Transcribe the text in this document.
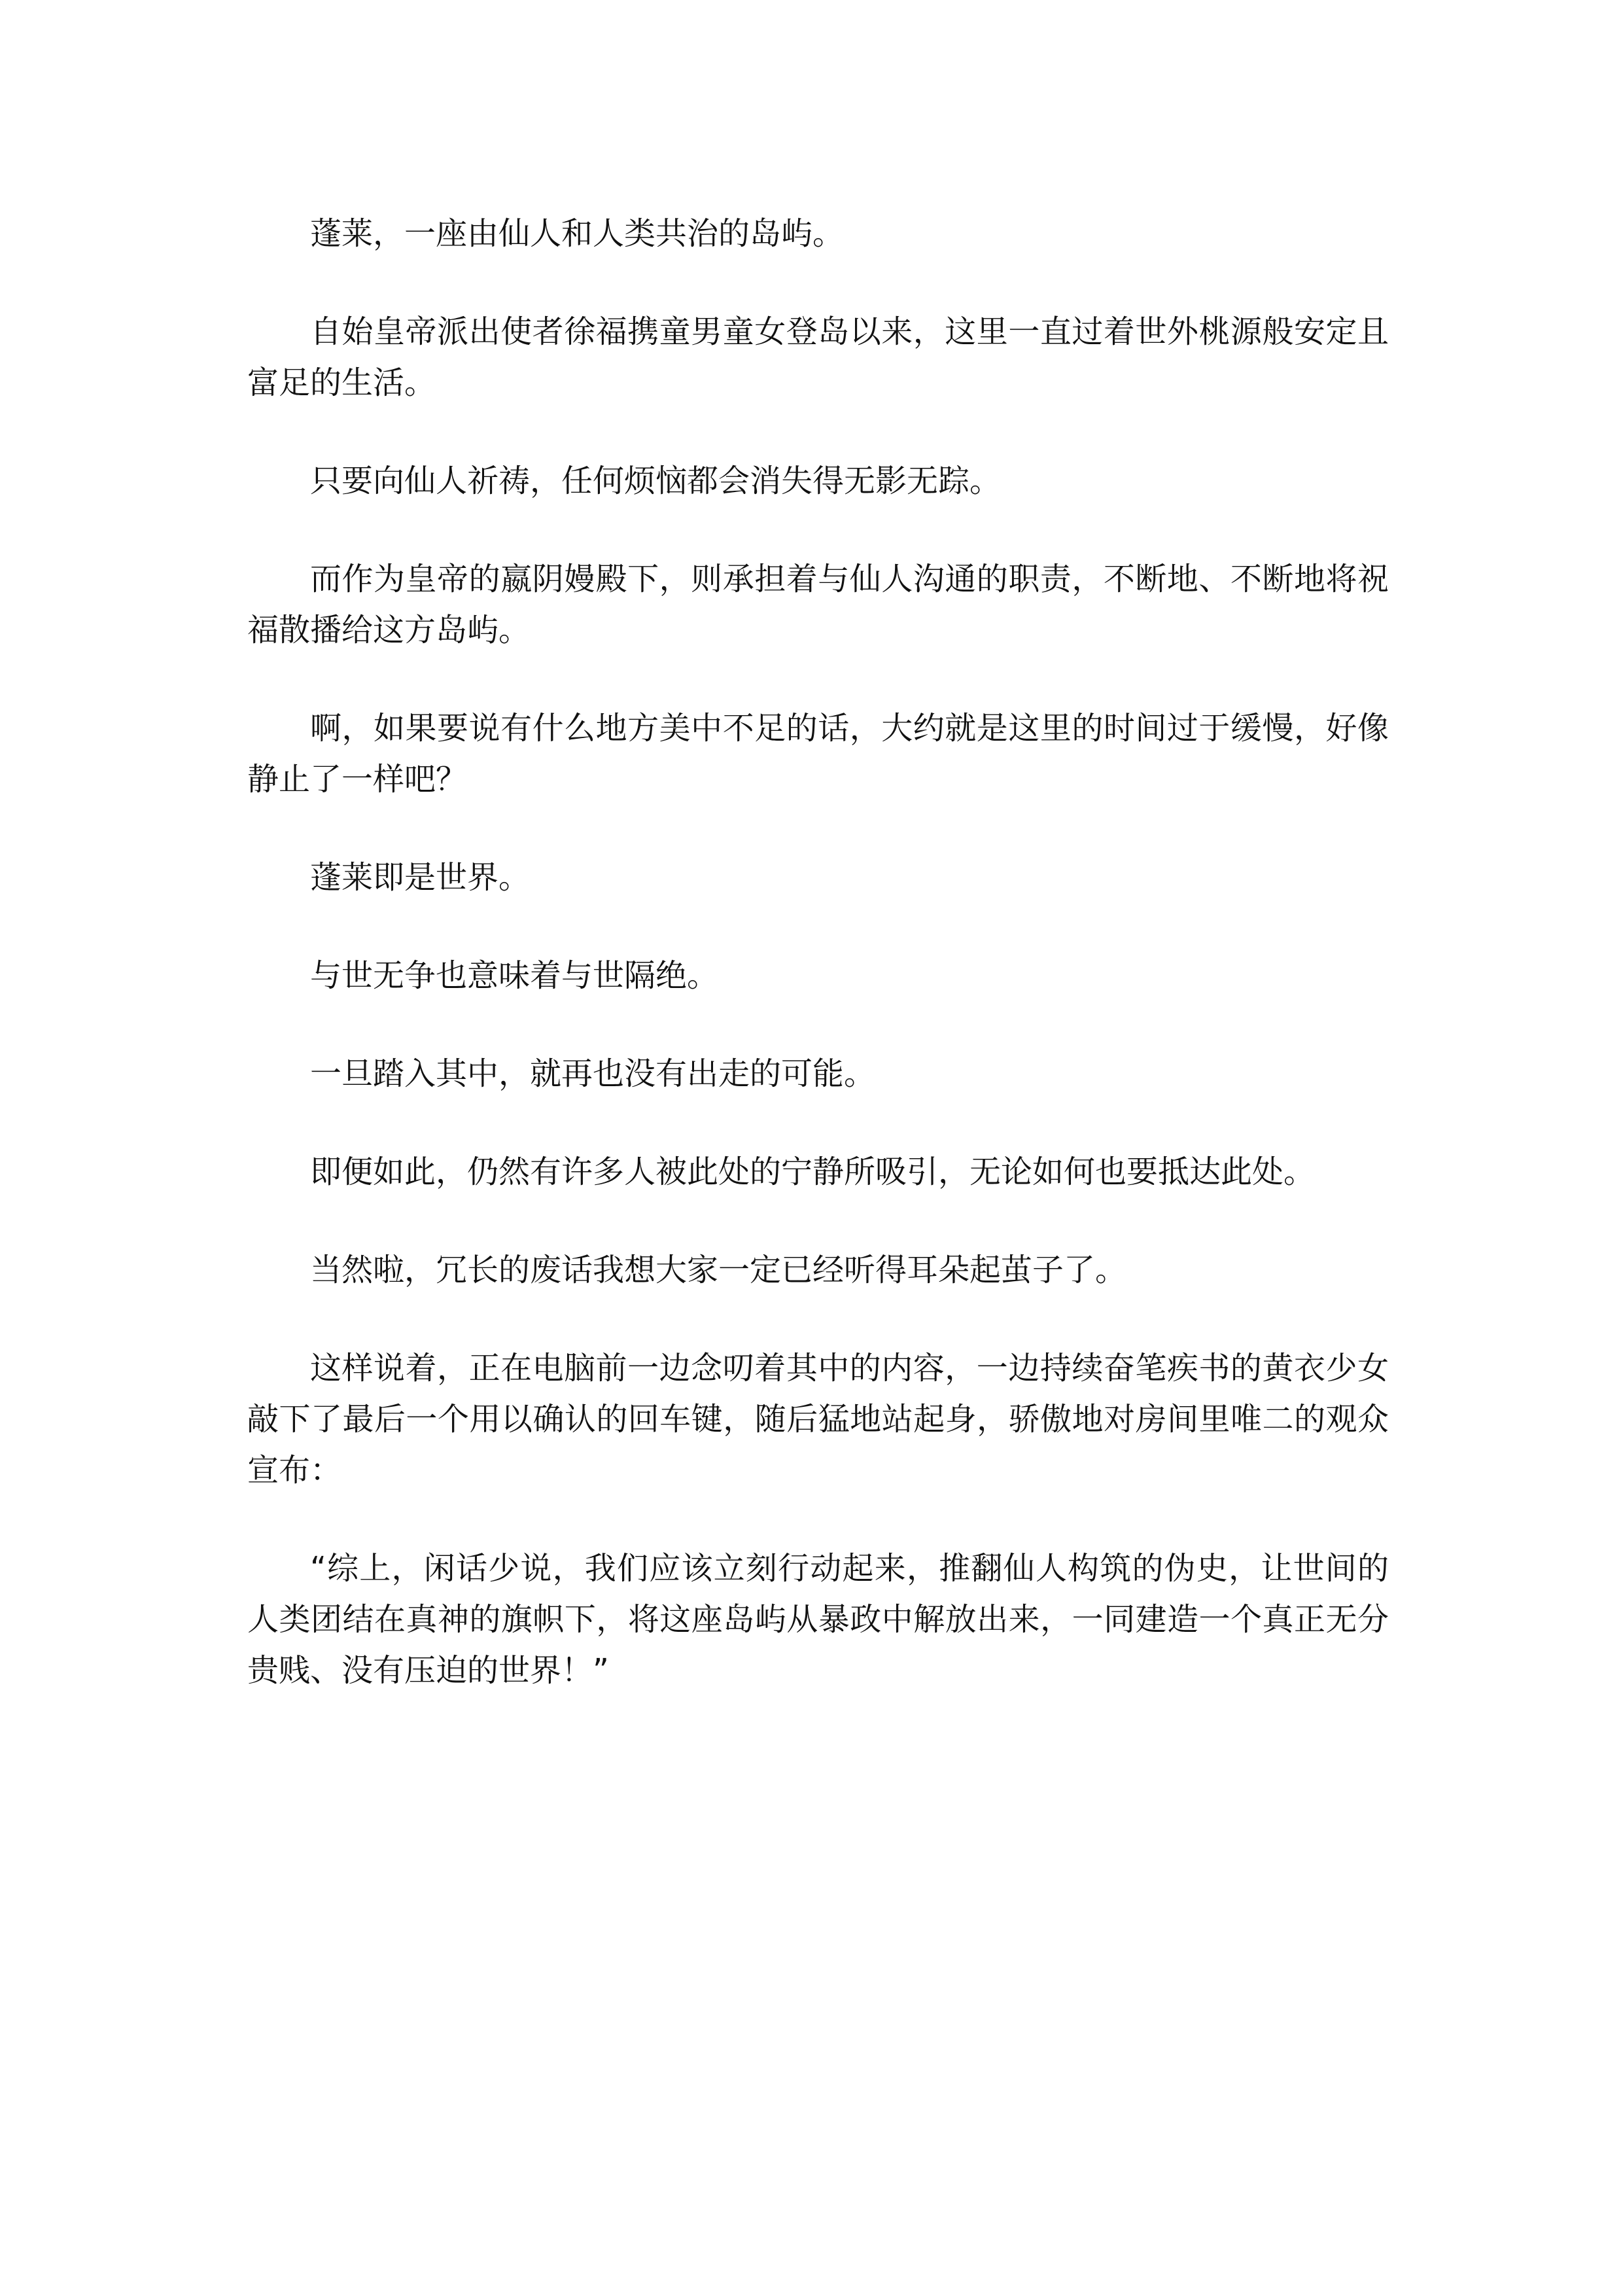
蓬莱，一座由仙人和人类共治的岛屿。

自始皇帝派出使者徐福携童男童女登岛以来，这里一直过着世外桃源般安定且富足的生活。

只要向仙人祈祷，任何烦恼都会消失得无影无踪。

而作为皇帝的嬴阴嫚殿下，则承担着与仙人沟通的职责，不断地、不断地将祝福散播给这方岛屿。

啊，如果要说有什么地方美中不足的话，大约就是这里的时间过于缓慢，好像静止了一样吧？

蓬莱即是世界。

与世无争也意味着与世隔绝。

一旦踏入其中，就再也没有出走的可能。

即便如此，仍然有许多人被此处的宁静所吸引，无论如何也要抵达此处。

当然啦，冗长的废话我想大家一定已经听得耳朵起茧子了。

这样说着，正在电脑前一边念叨着其中的内容，一边持续奋笔疾书的黄衣少女敲下了最后一个用以确认的回车键，随后猛地站起身，骄傲地对房间里唯二的观众宣布：

“综上，闲话少说，我们应该立刻行动起来，推翻仙人构筑的伪史，让世间的人类团结在真神的旗帜下，将这座岛屿从暴政中解放出来，一同建造一个真正无分贵贱、没有压迫的世界！”
